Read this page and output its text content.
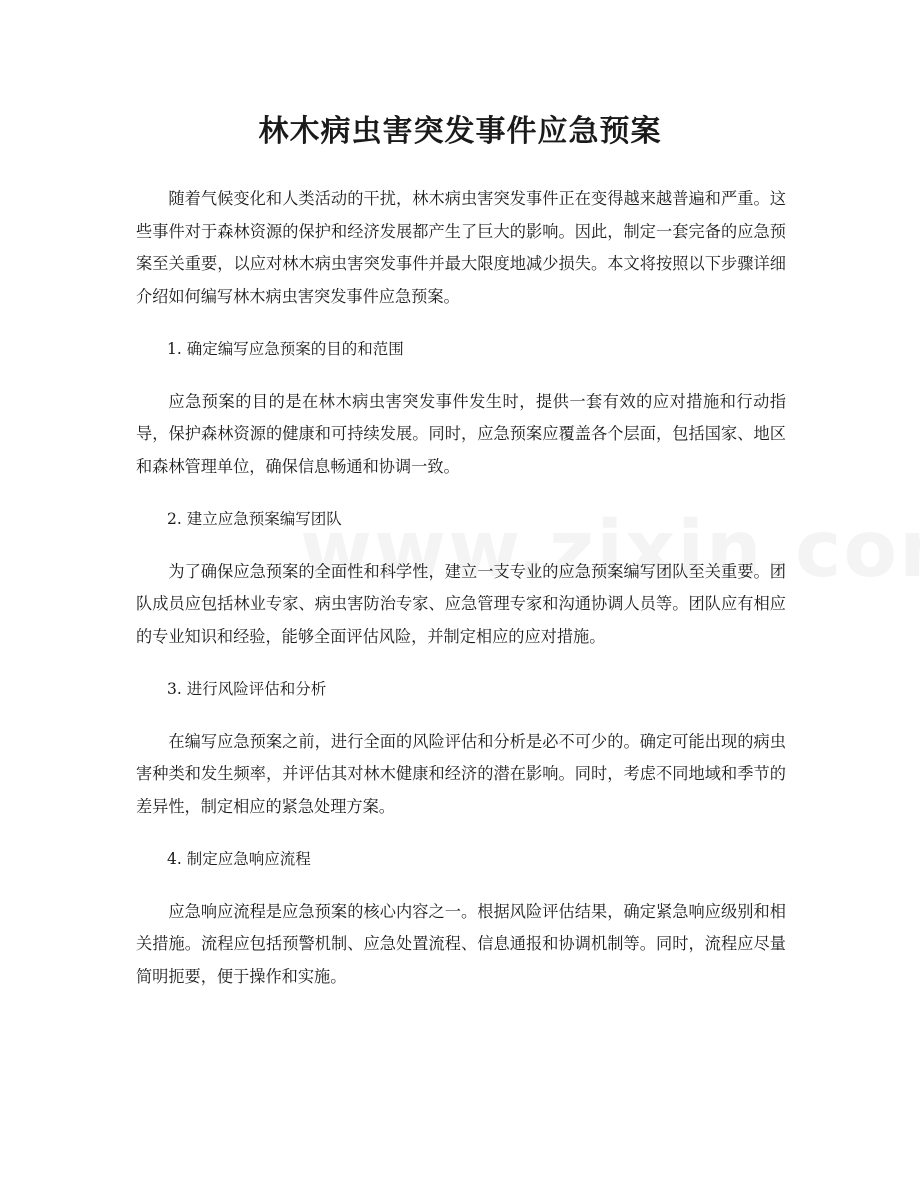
林木病虫害突发事件应急预案

随着气候变化和人类活动的干扰，林木病虫害突发事件正在变得越来越普遍和严重。这些事件对于森林资源的保护和经济发展都产生了巨大的影响。因此，制定一套完备的应急预案至关重要，以应对林木病虫害突发事件并最大限度地减少损失。本文将按照以下步骤详细介绍如何编写林木病虫害突发事件应急预案。

1. 确定编写应急预案的目的和范围

应急预案的目的是在林木病虫害突发事件发生时，提供一套有效的应对措施和行动指导，保护森林资源的健康和可持续发展。同时，应急预案应覆盖各个层面，包括国家、地区和森林管理单位，确保信息畅通和协调一致。

2. 建立应急预案编写团队

为了确保应急预案的全面性和科学性，建立一支专业的应急预案编写团队至关重要。团队成员应包括林业专家、病虫害防治专家、应急管理专家和沟通协调人员等。团队应有相应的专业知识和经验，能够全面评估风险，并制定相应的应对措施。

3. 进行风险评估和分析

在编写应急预案之前，进行全面的风险评估和分析是必不可少的。确定可能出现的病虫害种类和发生频率，并评估其对林木健康和经济的潜在影响。同时，考虑不同地域和季节的差异性，制定相应的紧急处理方案。

4. 制定应急响应流程

应急响应流程是应急预案的核心内容之一。根据风险评估结果，确定紧急响应级别和相关措施。流程应包括预警机制、应急处置流程、信息通报和协调机制等。同时，流程应尽量简明扼要，便于操作和实施。
